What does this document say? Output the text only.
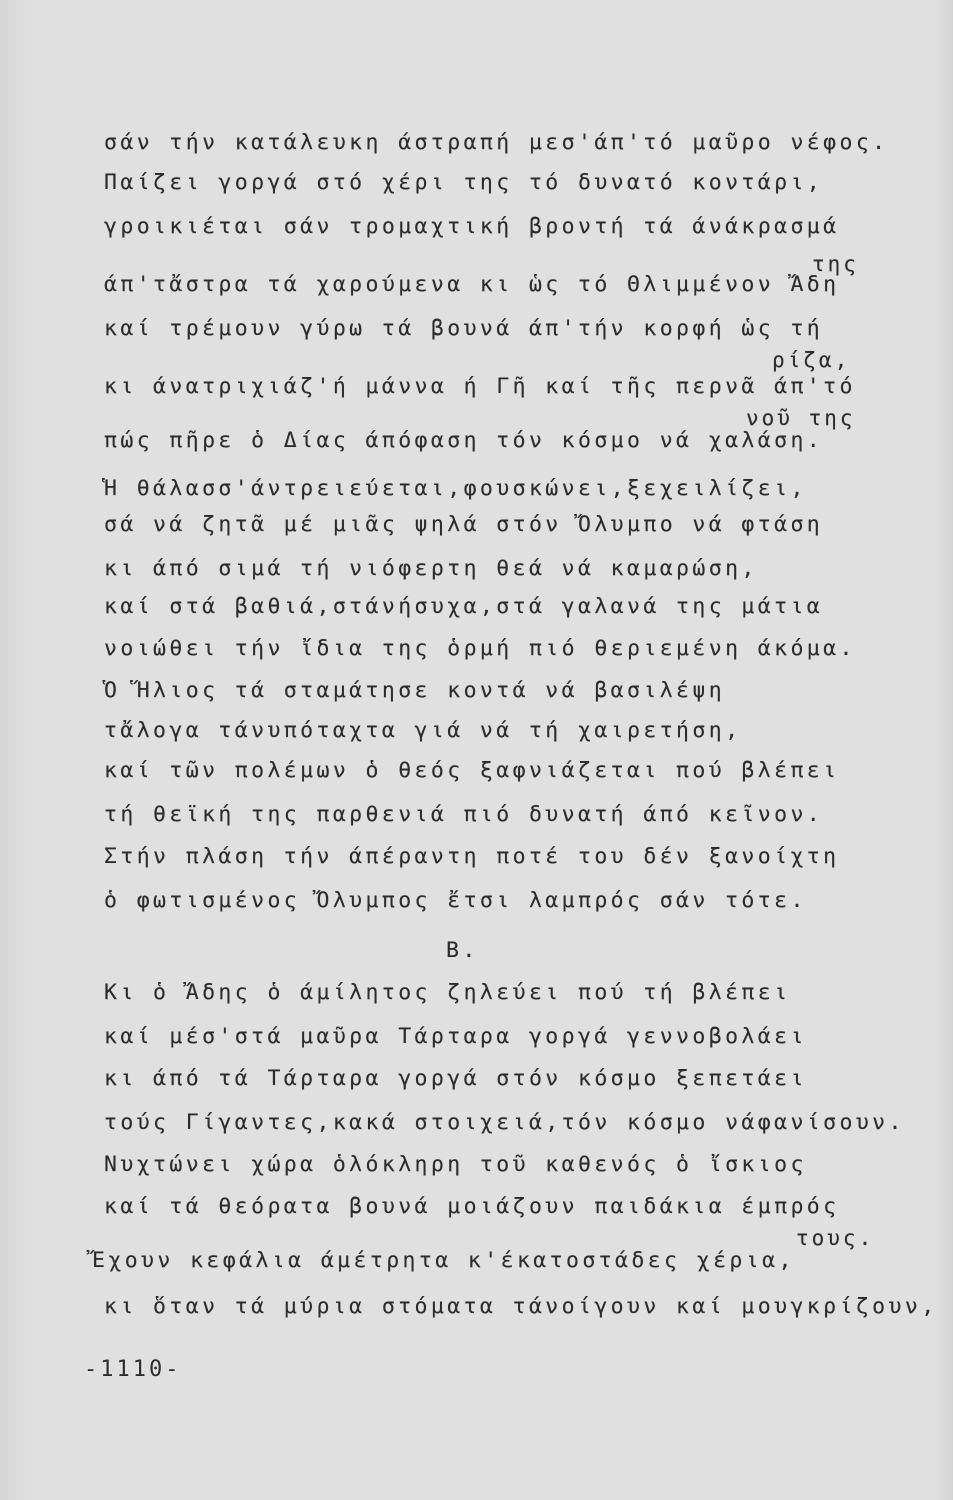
σάν τήν κατάλευκη άστραπή μεσ'άπ'τό μαῦρο νέφος.
Παίζει γοργά στό χέρι της τό δυνατό κοντάρι,
γροικιέται σάν τρομαχτική βροντή τά άνάκρασμά
της
άπ'τἄστρα τά χαρούμενα κι ὡς τό Θλιμμένον Ἄδη
καί τρέμουν γύρω τά βουνά άπ'τήν κορφή ὡς τή
ρίζα,
κι άνατριχιάζ'ή μάννα ή Γῆ καί τῆς περνᾶ άπ'τό
νοῦ της
πώς πῆρε ὁ Δίας άπόφαση τόν κόσμο νά χαλάση.
Ἡ θάλασσ'άντρειεύεται,φουσκώνει,ξεχειλίζει,
σά νά ζητᾶ μέ μιᾶς ψηλά στόν Ὄλυμπο νά φτάση
κι άπό σιμά τή νιόφερτη θεά νά καμαρώση,
καί στά βαθιά,στάνήσυχα,στά γαλανά της μάτια
νοιώθει τήν ἴδια της ὁρμή πιό θεριεμένη άκόμα.
Ὁ Ἥλιος τά σταμάτησε κοντά νά βασιλέψη
τἄλογα τάνυπόταχτα γιά νά τή χαιρετήση,
καί τῶν πολέμων ὁ θεός ξαφνιάζεται πού βλέπει
τή θεϊκή της παρθενιά πιό δυνατή άπό κεῖνον.
Στήν πλάση τήν άπέραντη ποτέ του δέν ξανοίχτη
ὁ φωτισμένος Ὄλυμπος ἔτσι λαμπρός σάν τότε.
Β.
Κι ὁ Ἄδης ὁ άμίλητος ζηλεύει πού τή βλέπει
καί μέσ'στά μαῦρα Τάρταρα γοργά γεννοβολάει
κι άπό τά Τάρταρα γοργά στόν κόσμο ξεπετάει
τούς Γίγαντες,κακά στοιχειά,τόν κόσμο νάφανίσουν.
Νυχτώνει χώρα ὁλόκληρη τοῦ καθενός ὁ ἴσκιος
καί τά θεόρατα βουνά μοιάζουν παιδάκια έμπρός
τους.
Ἔχουν κεφάλια άμέτρητα κ'έκατοστάδες χέρια,
κι ὅταν τά μύρια στόματα τάνοίγουν καί μουγκρίζουν,
-1110-
